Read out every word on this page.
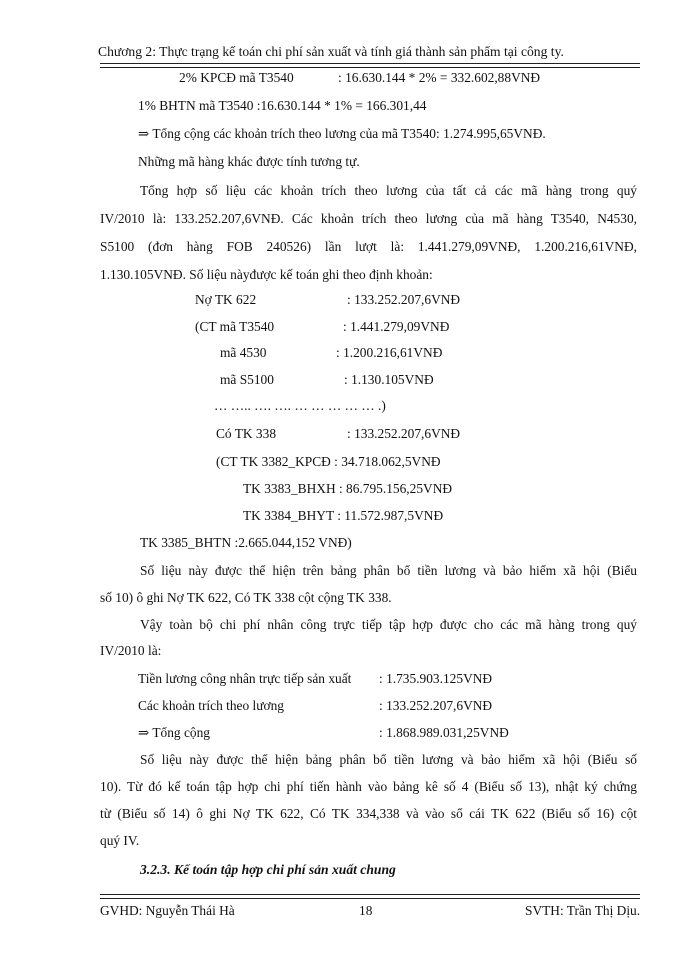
Chương 2: Thực trạng kế toán chi phí sản xuất và tính giá thành sản phẩm tại công ty.
2% KPCĐ mã T3540	: 16.630.144 * 2% = 332.602,88VNĐ
1% BHTN mã T3540 :16.630.144 * 1% = 166.301,44
⇒ Tổng cộng các khoản trích theo lương của mã T3540: 1.274.995,65VNĐ.
Những mã hàng khác được tính tương tự.
Tổng hợp số liệu các khoản trích theo lương của tất cả các mã hàng trong quý
IV/2010 là: 133.252.207,6VNĐ. Các khoản trích theo lương của mã hàng T3540, N4530,
S5100 (đơn hàng FOB 240526) lần lượt là: 1.441.279,09VNĐ, 1.200.216,61VNĐ,
1.130.105VNĐ. Số liệu nàyđược kế toán ghi theo định khoản:
Nợ TK 622	: 133.252.207,6VNĐ
(CT mã T3540	: 1.441.279,09VNĐ
mã 4530	: 1.200.216,61VNĐ
mã S5100	: 1.130.105VNĐ
… ….. …. …. … … … … … .)
Có TK 338	: 133.252.207,6VNĐ
(CT TK 3382_KPCĐ : 34.718.062,5VNĐ
TK 3383_BHXH : 86.795.156,25VNĐ
TK 3384_BHYT : 11.572.987,5VNĐ
TK 3385_BHTN :2.665.044,152 VNĐ)
Số liệu này được thể hiện trên bảng phân bổ tiền lương và bảo hiểm xã hội (Biểu
số 10) ô ghi Nợ TK 622, Có TK 338 cột cộng TK 338.
Vậy toàn bộ chi phí nhân công trực tiếp tập hợp được cho các mã hàng trong quý
IV/2010 là:
Tiền lương công nhân trực tiếp sản xuất : 1.735.903.125VNĐ
Các khoản trích theo lương	: 133.252.207,6VNĐ
⇒ Tổng cộng	: 1.868.989.031,25VNĐ
Số liệu này được thể hiện bảng phân bổ tiền lương và bảo hiểm xã hội (Biểu số
10). Từ đó kế toán tập hợp chi phí tiến hành vào bảng kê số 4 (Biểu số 13), nhật ký chứng
từ (Biểu số 14) ô ghi Nợ TK 622, Có TK 334,338 và vào sổ cái TK 622 (Biểu số 16) cột
quý IV.
3.2.3. Kế toán tập hợp chi phí sản xuất chung
GVHD: Nguyễn Thái Hà	18	SVTH: Trần Thị Dịu.
